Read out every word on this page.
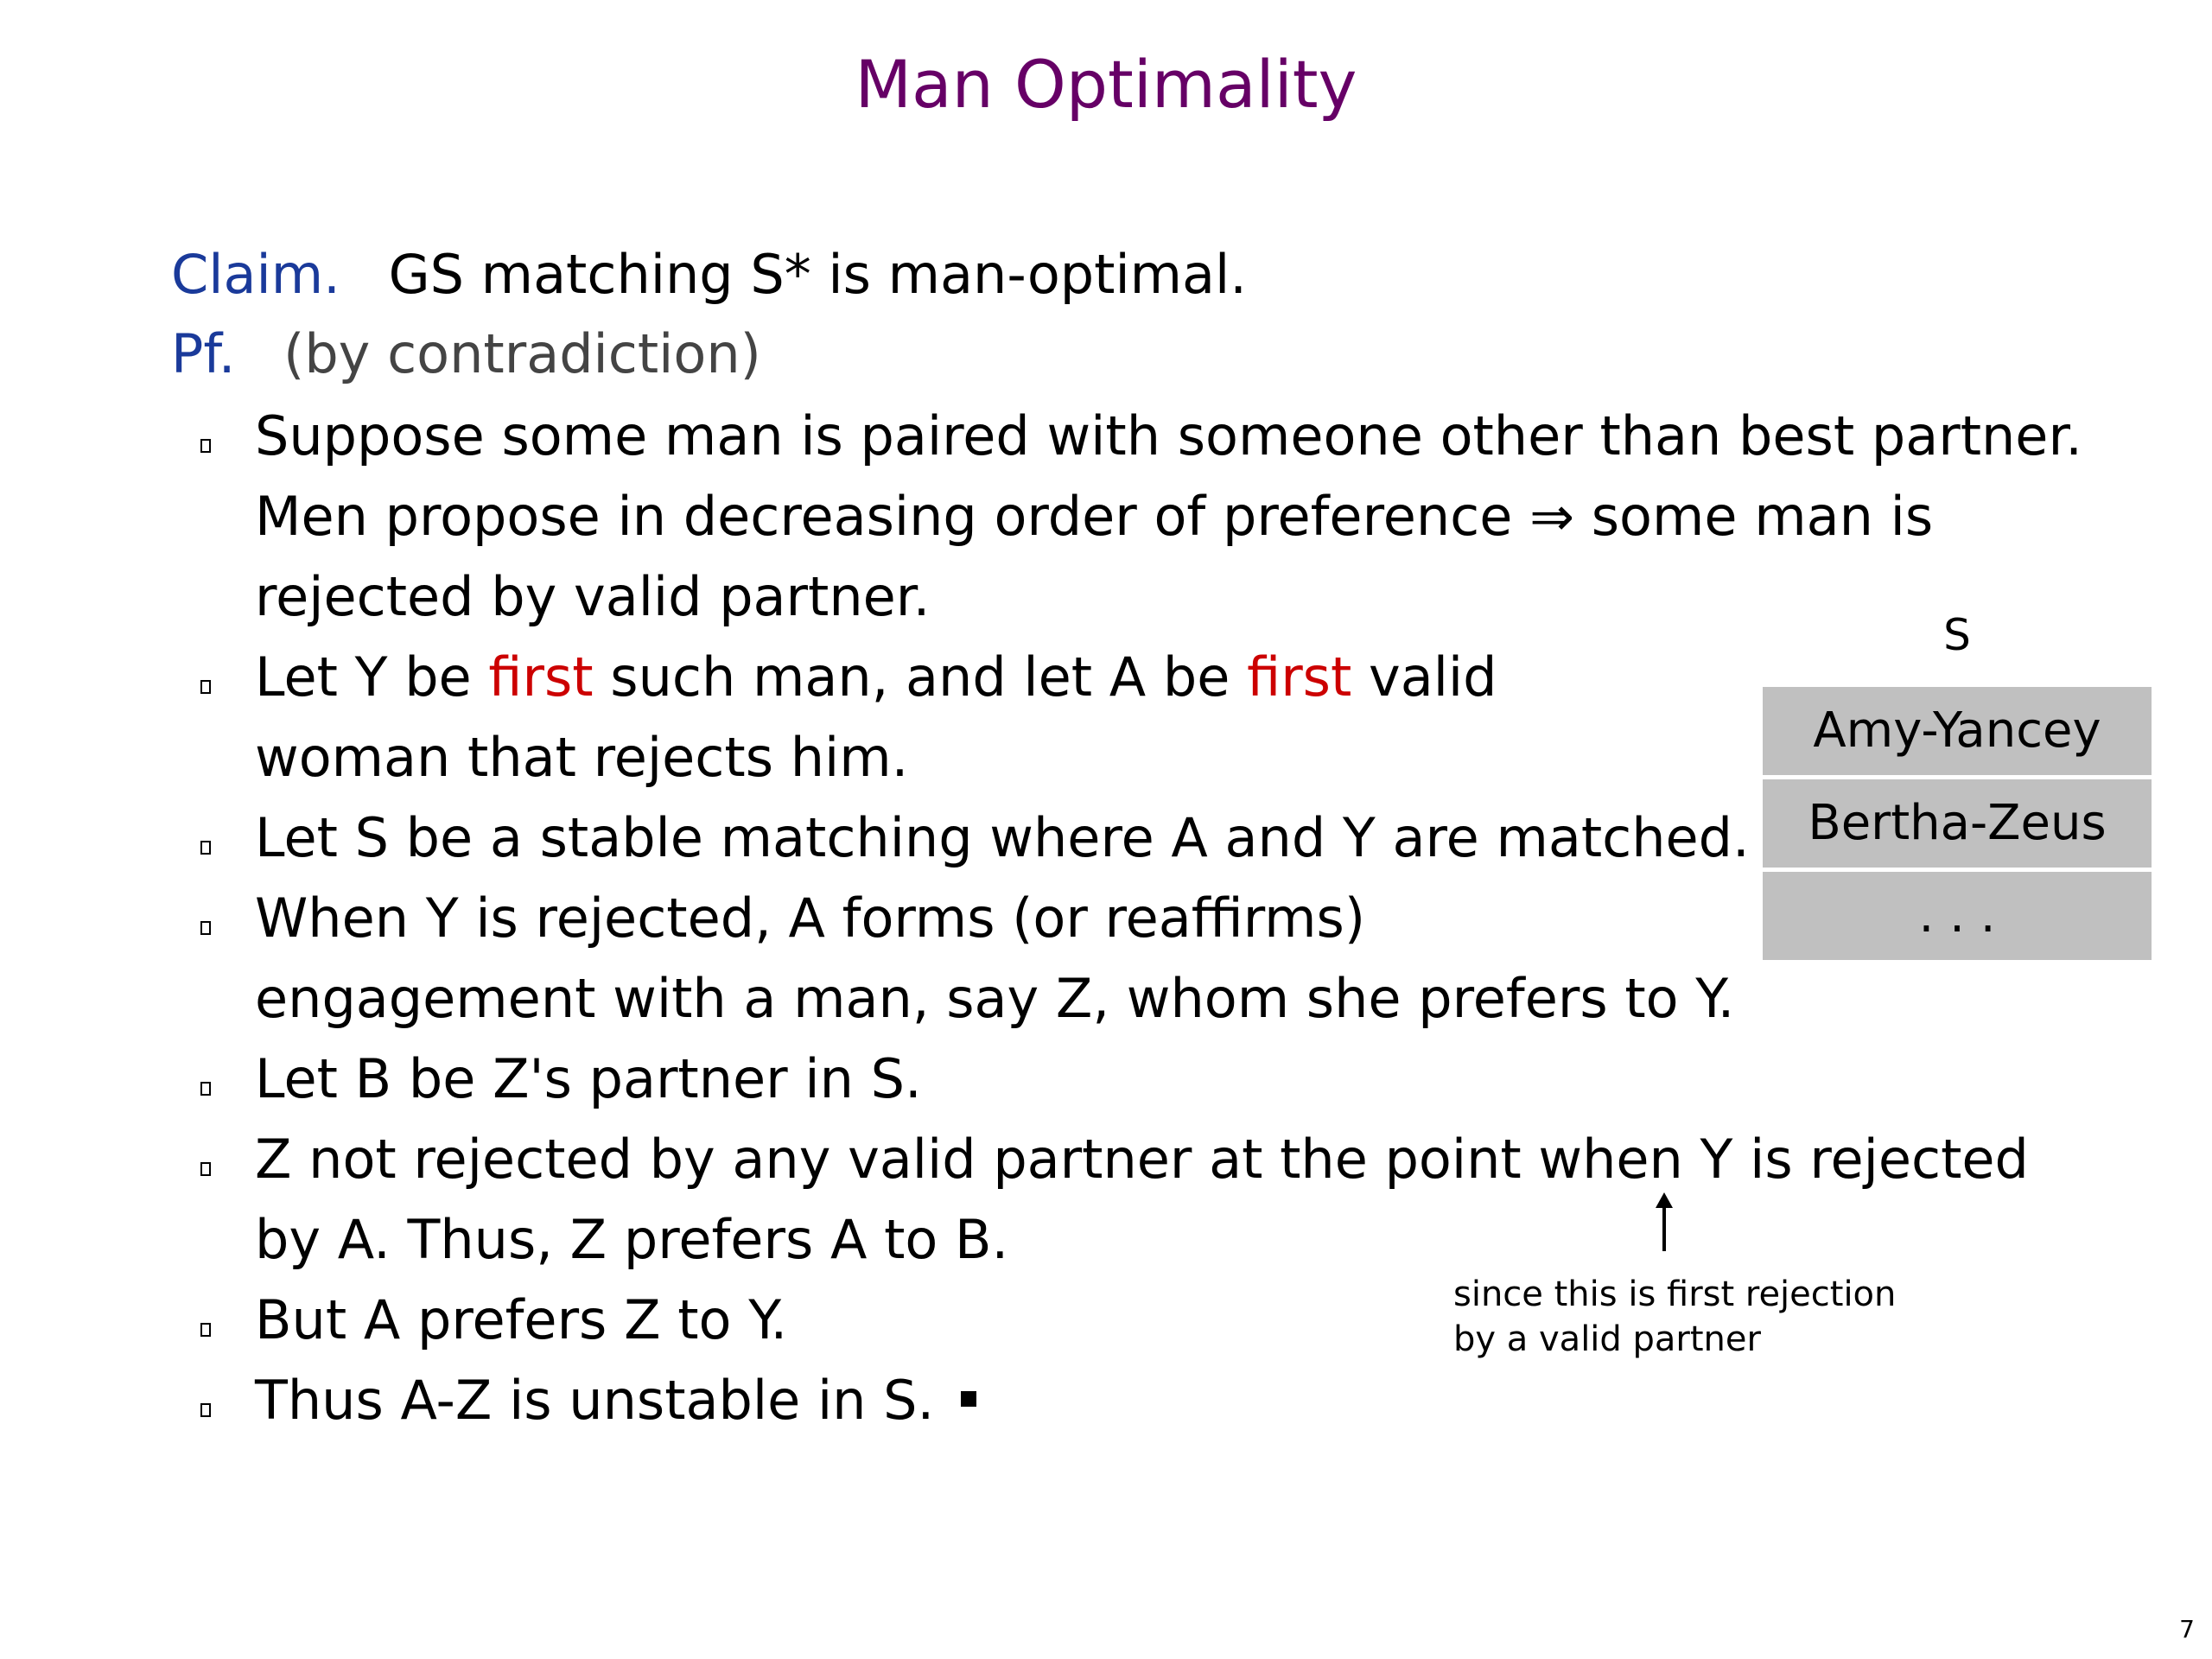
Man Optimality
Claim. GS matching S* is man-optimal.
Pf. (by contradiction)
Suppose some man is paired with someone other than best partner.
Men propose in decreasing order of preference ⇒ some man is
rejected by valid partner.
Let Y be first such man, and let A be first valid
woman that rejects him.
Let S be a stable matching where A and Y are matched.
When Y is rejected, A forms (or reaffirms)
engagement with a man, say Z, whom she prefers to Y.
Let B be Z's partner in S.
Z not rejected by any valid partner at the point when Y is rejected
by A. Thus, Z prefers A to B.
But A prefers Z to Y.
Thus A-Z is unstable in S.
S
Amy-Yancey
Bertha-Zeus
. . .
since this is first rejection
by a valid partner
7
